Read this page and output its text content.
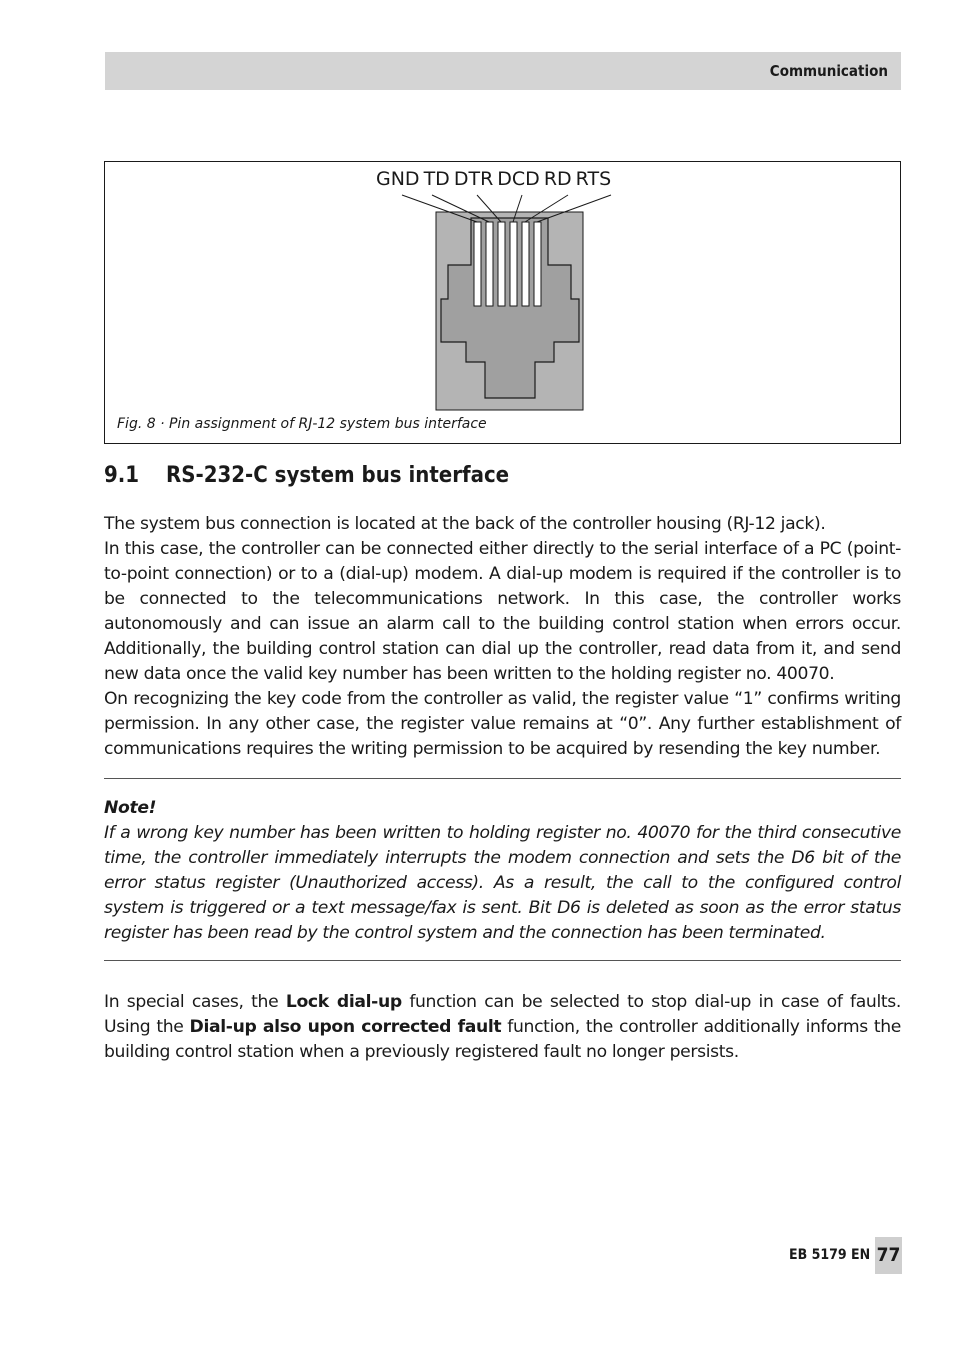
Communication
GND TD DTR DCD RD RTS
Fig. 8 · Pin assignment of RJ-12 system bus interface
9.1 RS-232-C system bus interface

The system bus connection is located at the back of the controller housing (RJ-12 jack).

In this case, the controller can be connected either directly to the serial interface of a PC (point-to-point connection) or to a (dial-up) modem. A dial-up modem is required if the controller is to be connected to the telecommunications network. In this case, the controller works autonomously and can issue an alarm call to the building control station when errors occur. Additionally, the building control station can dial up the controller, read data from it, and send new data once the valid key number has been written to the holding register no. 40070.

On recognizing the key code from the controller as valid, the register value “1” confirms writing permission. In any other case, the register value remains at “0”. Any further establishment of communications requires the writing permission to be acquired by resending the key number.

Note!

If a wrong key number has been written to holding register no. 40070 for the third consecutive time, the controller immediately interrupts the modem connection and sets the D6 bit of the error status register (Unauthorized access). As a result, the call to the configured control system is triggered or a text message/fax is sent. Bit D6 is deleted as soon as the error status register has been read by the control system and the connection has been terminated.

In special cases, the Lock dial-up function can be selected to stop dial-up in case of faults. Using the Dial-up also upon corrected fault function, the controller additionally informs the building control station when a previously registered fault no longer persists.

EB 5179 EN 77
